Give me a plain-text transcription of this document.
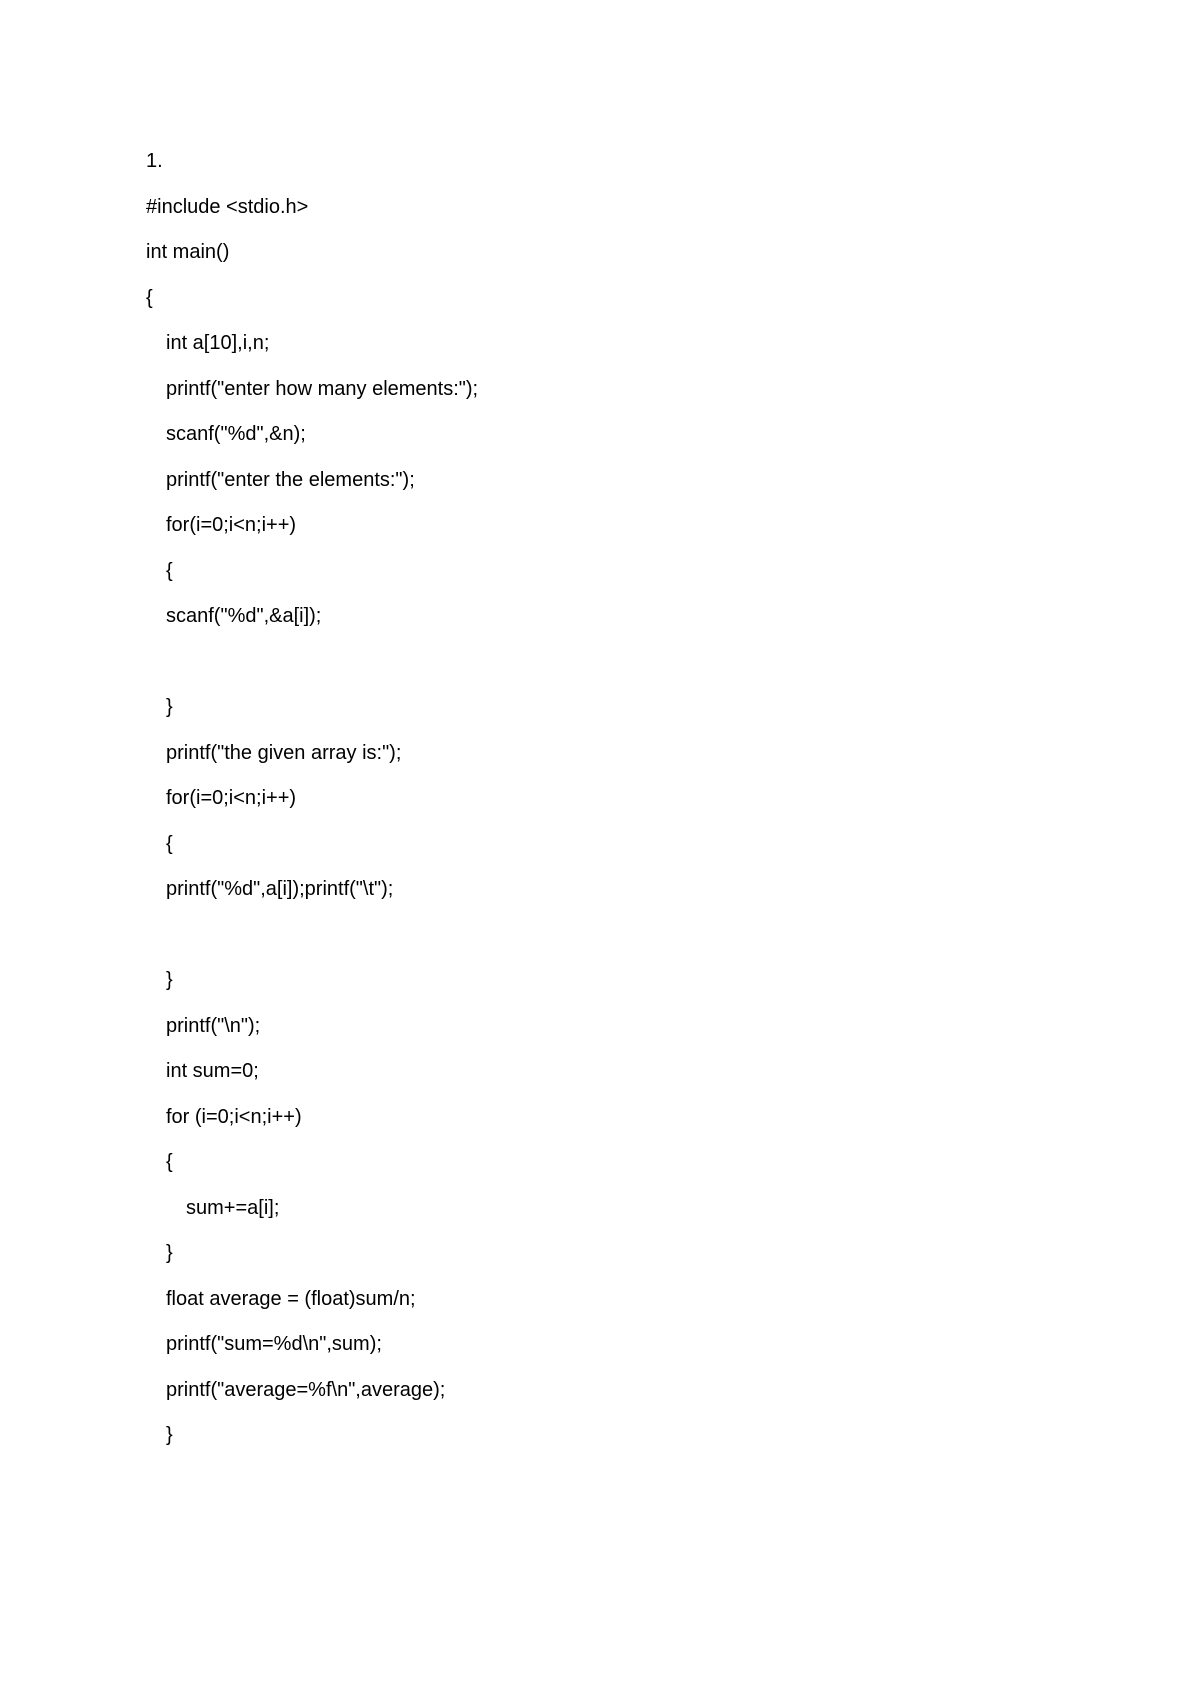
1.
#include <stdio.h>
int main()
{
int a[10],i,n;
printf("enter how many elements:");
scanf("%d",&n);
printf("enter the elements:");
for(i=0;i<n;i++)
{
scanf("%d",&a[i]);
}
printf("the given array is:");
for(i=0;i<n;i++)
{
printf("%d",a[i]);printf("\t");
}
printf("\n");
int sum=0;
for (i=0;i<n;i++)
{
sum+=a[i];
}
float average = (float)sum/n;
printf("sum=%d\n",sum);
printf("average=%f\n",average);
}
